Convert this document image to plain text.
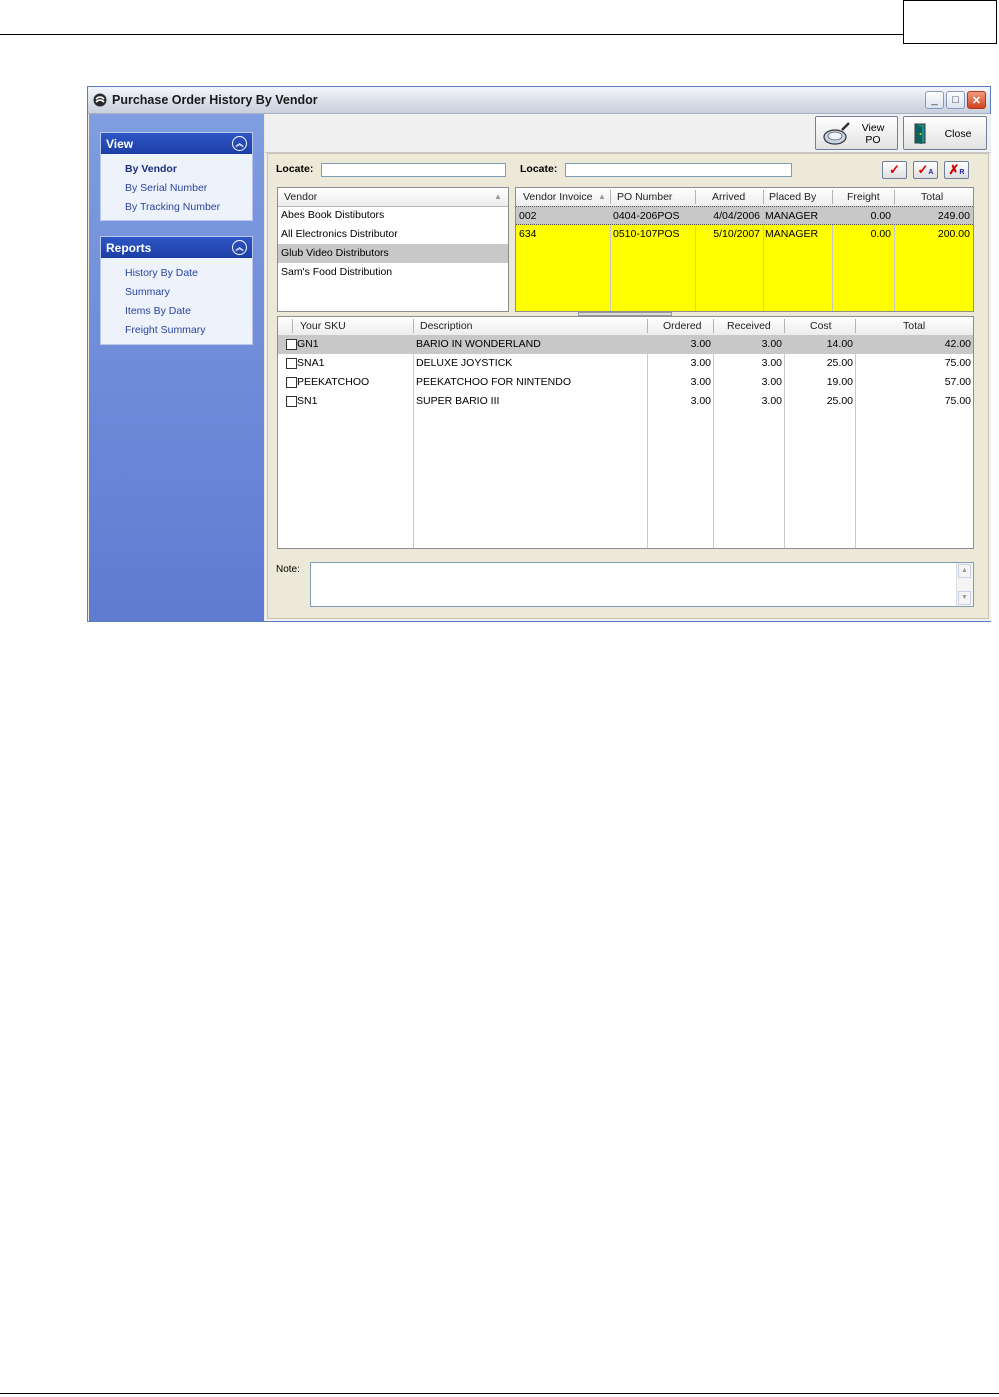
Purchase Order History By Vendor	_ □ ✕
View	︽
By Vendor
By Serial Number
By Tracking Number
Reports	︽
History By Date
Summary
Items By Date
Freight Summary
View
PO	Close
Locate:	Locate:	✓	✓A	✗R
Vendor	▲
Abes Book Distibutors
All Electronics Distributor
Glub Video Distributors
Sam's Food Distribution
Vendor Invoice ▲ PO Number	Arrived Placed By	Freight	Total
002	0404-206POS	4/04/2006 MANAGER	0.00	249.00
634	0510-107POS	5/10/2007 MANAGER	0.00	200.00
Your SKU	Description	Ordered Received	Cost	Total
GN1	BARIO IN WONDERLAND	3.00	3.00	14.00	42.00
SNA1	DELUXE JOYSTICK	3.00	3.00	25.00	75.00
PEEKATCHOO	PEEKATCHOO FOR NINTENDO	3.00	3.00	19.00	57.00
SN1	SUPER BARIO III	3.00	3.00	25.00	75.00
Note:	▲
▼
